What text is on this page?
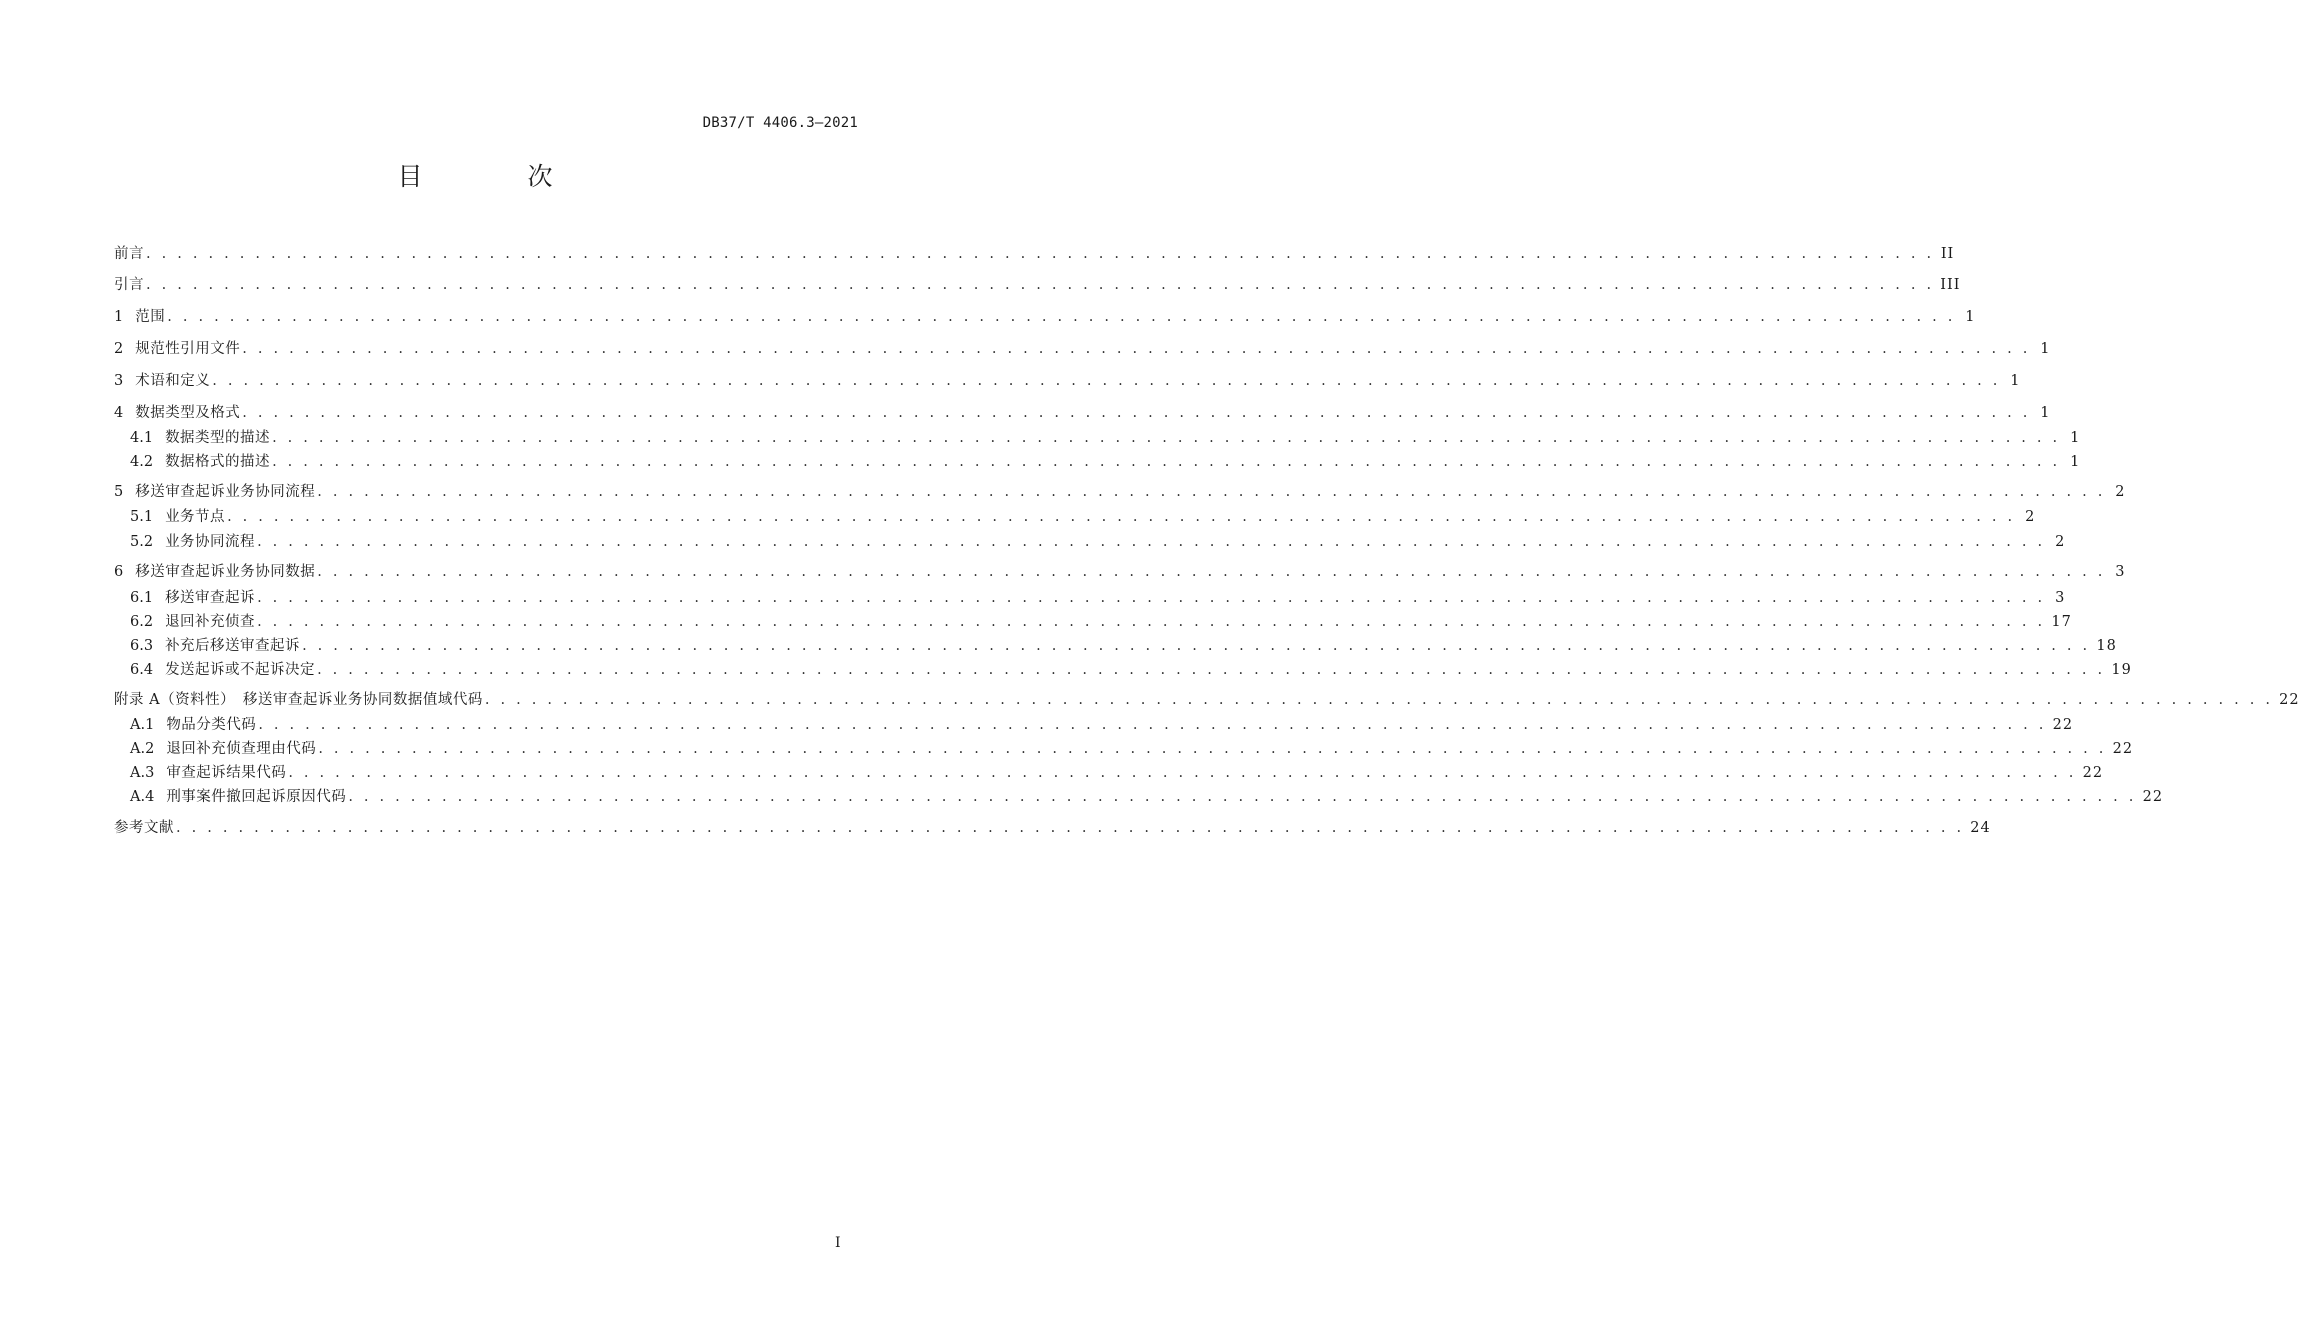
DB37/T 4406.3—2021
目　次
前言 . . . . . . . . . . . . . . . . . . . . . . . . . . . . . . . . . . . . . . . . . . . . . . . . . . . . . . . . . . . . . . . . . . . . . . . . . . . . . . . . . . . . . . . . . . . . . . . . . . . . . . . . . . . . . . . . . . . II
引言 . . . . . . . . . . . . . . . . . . . . . . . . . . . . . . . . . . . . . . . . . . . . . . . . . . . . . . . . . . . . . . . . . . . . . . . . . . . . . . . . . . . . . . . . . . . . . . . . . . . . . . . . . . . . . . . . . . . III
1 范围 . . . . . . . . . . . . . . . . . . . . . . . . . . . . . . . . . . . . . . . . . . . . . . . . . . . . . . . . . . . . . . . . . . . . . . . . . . . . . . . . . . . . . . . . . . . . . . . . . . . . . . . . . . . . . . . . . . . 1
2 规范性引用文件 . . . . . . . . . . . . . . . . . . . . . . . . . . . . . . . . . . . . . . . . . . . . . . . . . . . . . . . . . . . . . . . . . . . . . . . . . . . . . . . . . . . . . . . . . . . . . . . . . . . . . . . . . . . . . . . . . . . 1
3 术语和定义 . . . . . . . . . . . . . . . . . . . . . . . . . . . . . . . . . . . . . . . . . . . . . . . . . . . . . . . . . . . . . . . . . . . . . . . . . . . . . . . . . . . . . . . . . . . . . . . . . . . . . . . . . . . . . . . . . . . 1
4 数据类型及格式 . . . . . . . . . . . . . . . . . . . . . . . . . . . . . . . . . . . . . . . . . . . . . . . . . . . . . . . . . . . . . . . . . . . . . . . . . . . . . . . . . . . . . . . . . . . . . . . . . . . . . . . . . . . . . . . . . . . 1
4.1 数据类型的描述 . . . . . . . . . . . . . . . . . . . . . . . . . . . . . . . . . . . . . . . . . . . . . . . . . . . . . . . . . . . . . . . . . . . . . . . . . . . . . . . . . . . . . . . . . . . . . . . . . . . . . . . . . . . . . . . . . . . 1
4.2 数据格式的描述 . . . . . . . . . . . . . . . . . . . . . . . . . . . . . . . . . . . . . . . . . . . . . . . . . . . . . . . . . . . . . . . . . . . . . . . . . . . . . . . . . . . . . . . . . . . . . . . . . . . . . . . . . . . . . . . . . . . 1
5 移送审查起诉业务协同流程 . . . . . . . . . . . . . . . . . . . . . . . . . . . . . . . . . . . . . . . . . . . . . . . . . . . . . . . . . . . . . . . . . . . . . . . . . . . . . . . . . . . . . . . . . . . . . . . . . . . . . . . . . . . . . . . . . . . 2
5.1 业务节点 . . . . . . . . . . . . . . . . . . . . . . . . . . . . . . . . . . . . . . . . . . . . . . . . . . . . . . . . . . . . . . . . . . . . . . . . . . . . . . . . . . . . . . . . . . . . . . . . . . . . . . . . . . . . . . . . . . . 2
5.2 业务协同流程 . . . . . . . . . . . . . . . . . . . . . . . . . . . . . . . . . . . . . . . . . . . . . . . . . . . . . . . . . . . . . . . . . . . . . . . . . . . . . . . . . . . . . . . . . . . . . . . . . . . . . . . . . . . . . . . . . . . 2
6 移送审查起诉业务协同数据 . . . . . . . . . . . . . . . . . . . . . . . . . . . . . . . . . . . . . . . . . . . . . . . . . . . . . . . . . . . . . . . . . . . . . . . . . . . . . . . . . . . . . . . . . . . . . . . . . . . . . . . . . . . . . . . . . . . 3
6.1 移送审查起诉 . . . . . . . . . . . . . . . . . . . . . . . . . . . . . . . . . . . . . . . . . . . . . . . . . . . . . . . . . . . . . . . . . . . . . . . . . . . . . . . . . . . . . . . . . . . . . . . . . . . . . . . . . . . . . . . . . . . 3
6.2 退回补充侦查 . . . . . . . . . . . . . . . . . . . . . . . . . . . . . . . . . . . . . . . . . . . . . . . . . . . . . . . . . . . . . . . . . . . . . . . . . . . . . . . . . . . . . . . . . . . . . . . . . . . . . . . . . . . . . . . . . . . 17
6.3 补充后移送审查起诉 . . . . . . . . . . . . . . . . . . . . . . . . . . . . . . . . . . . . . . . . . . . . . . . . . . . . . . . . . . . . . . . . . . . . . . . . . . . . . . . . . . . . . . . . . . . . . . . . . . . . . . . . . . . . . . . . . . . 18
6.4 发送起诉或不起诉决定 . . . . . . . . . . . . . . . . . . . . . . . . . . . . . . . . . . . . . . . . . . . . . . . . . . . . . . . . . . . . . . . . . . . . . . . . . . . . . . . . . . . . . . . . . . . . . . . . . . . . . . . . . . . . . . . . . . . 19
附录 A（资料性）　移送审查起诉业务协同数据值域代码 . . . . . . . . . . . . . . . . . . . . . . . . . . . . . . . . . . . . . . . . . . . . . . . . . . . . . . . . . . . . . . . . . . . . . . . . . . . . . . . . . . . . . . . . . . . . . . . . . . . . . . . . . . . . . . . . . . . 22
A.1 物品分类代码 . . . . . . . . . . . . . . . . . . . . . . . . . . . . . . . . . . . . . . . . . . . . . . . . . . . . . . . . . . . . . . . . . . . . . . . . . . . . . . . . . . . . . . . . . . . . . . . . . . . . . . . . . . . . . . . . . . . 22
A.2 退回补充侦查理由代码 . . . . . . . . . . . . . . . . . . . . . . . . . . . . . . . . . . . . . . . . . . . . . . . . . . . . . . . . . . . . . . . . . . . . . . . . . . . . . . . . . . . . . . . . . . . . . . . . . . . . . . . . . . . . . . . . . . . 22
A.3 审查起诉结果代码 . . . . . . . . . . . . . . . . . . . . . . . . . . . . . . . . . . . . . . . . . . . . . . . . . . . . . . . . . . . . . . . . . . . . . . . . . . . . . . . . . . . . . . . . . . . . . . . . . . . . . . . . . . . . . . . . . . . 22
A.4 刑事案件撤回起诉原因代码 . . . . . . . . . . . . . . . . . . . . . . . . . . . . . . . . . . . . . . . . . . . . . . . . . . . . . . . . . . . . . . . . . . . . . . . . . . . . . . . . . . . . . . . . . . . . . . . . . . . . . . . . . . . . . . . . . . . 22
参考文献 . . . . . . . . . . . . . . . . . . . . . . . . . . . . . . . . . . . . . . . . . . . . . . . . . . . . . . . . . . . . . . . . . . . . . . . . . . . . . . . . . . . . . . . . . . . . . . . . . . . . . . . . . . . . . . . . . . . 24
I
